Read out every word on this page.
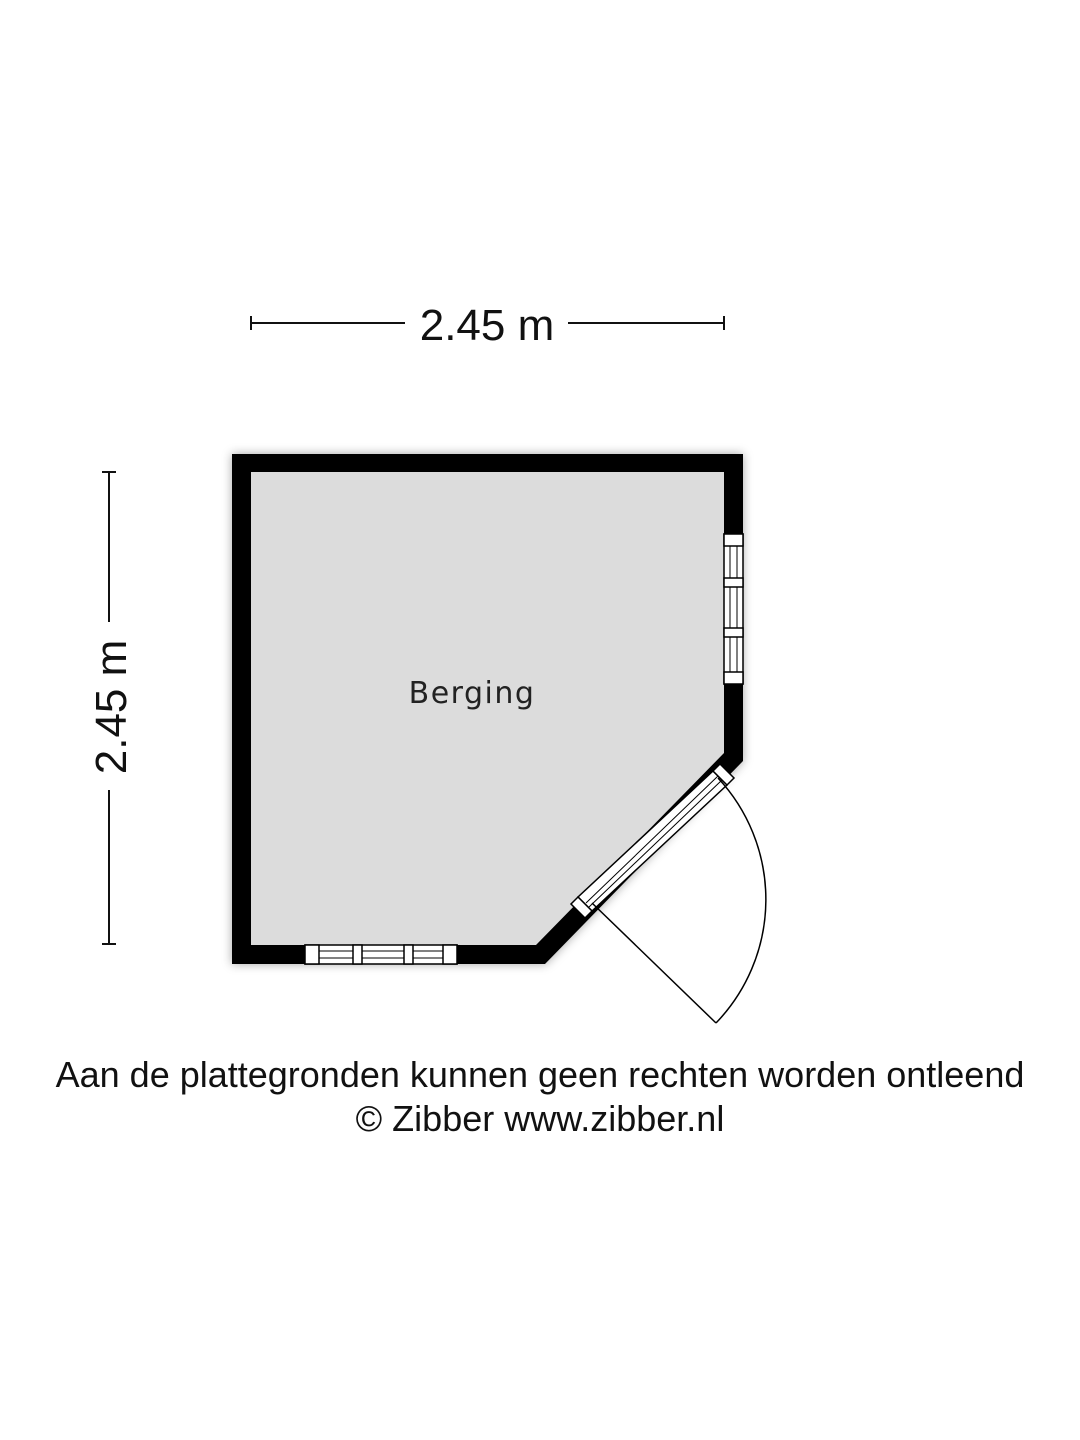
2.45 m
2.45 m	Berging
Aan de plattegronden kunnen geen rechten worden ontleend
© Zibber www.zibber.nl
